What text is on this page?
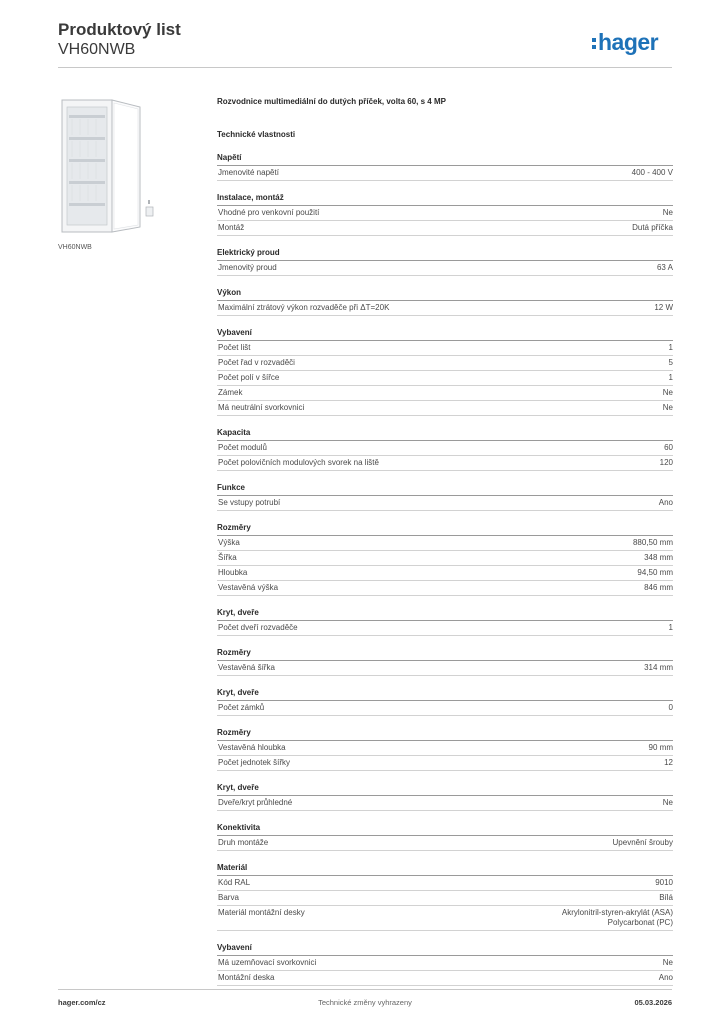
Produktový list
VH60NWB	hager
VH60NWB
Rozvodnice multimediální do dutých příček, volta 60, s 4 MP
Technické vlastnosti
Napětí
Jmenovité napětí	400 - 400 V
Instalace, montáž
Vhodné pro venkovní použití	Ne
Montáž	Dutá příčka
Elektrický proud
Jmenovitý proud	63 A
Výkon
Maximální ztrátový výkon rozvaděče při ΔT=20K	12 W
Vybavení
Počet lišt	1
Počet řad v rozvaděči	5
Počet polí v šířce	1
Zámek	Ne
Má neutrální svorkovnici	Ne
Kapacita
Počet modulů	60
Počet polovičních modulových svorek na liště	120
Funkce
Se vstupy potrubí	Ano
Rozměry
Výška	880,50 mm
Šířka	348 mm
Hloubka	94,50 mm
Vestavěná výška	846 mm
Kryt, dveře
Počet dveří rozvaděče	1
Rozměry
Vestavěná šířka	314 mm
Kryt, dveře
Počet zámků	0
Rozměry
Vestavěná hloubka	90 mm
Počet jednotek šířky	12
Kryt, dveře
Dveře/kryt průhledné	Ne
Konektivita
Druh montáže	Upevnění šrouby
Materiál
Kód RAL	9010
Barva	Bílá
Materiál montážní desky	Akrylonitril-styren-akrylát (ASA)
Polycarbonat (PC)
Vybavení
Má uzemňovací svorkovnici	Ne
Montážní deska	Ano
hager.com/cz	Technické změny vyhrazeny	05.03.2026
